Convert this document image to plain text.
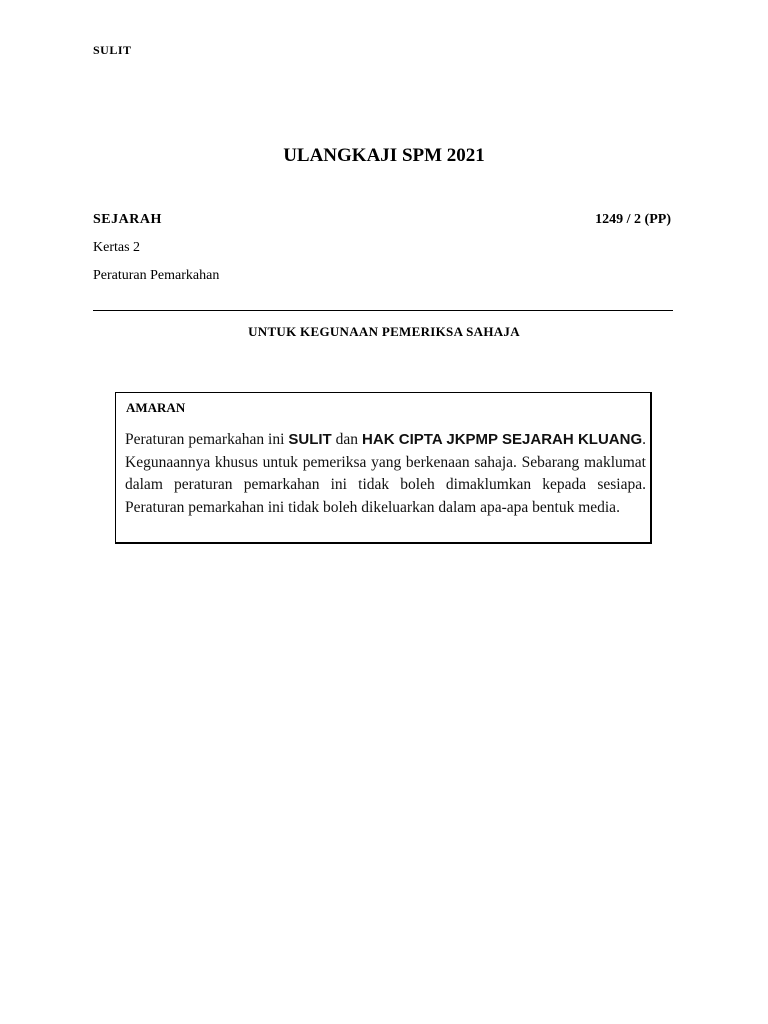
SULIT
ULANGKAJI SPM 2021
SEJARAH	1249 / 2 (PP)
Kertas 2
Peraturan Pemarkahan
UNTUK KEGUNAAN PEMERIKSA SAHAJA
AMARAN
Peraturan pemarkahan ini SULIT dan HAK CIPTA JKPMP SEJARAH KLUANG. Kegunaannya khusus untuk pemeriksa yang berkenaan sahaja. Sebarang maklumat dalam peraturan pemarkahan ini tidak boleh dimaklumkan kepada sesiapa. Peraturan pemarkahan ini tidak boleh dikeluarkan dalam apa-apa bentuk media.
